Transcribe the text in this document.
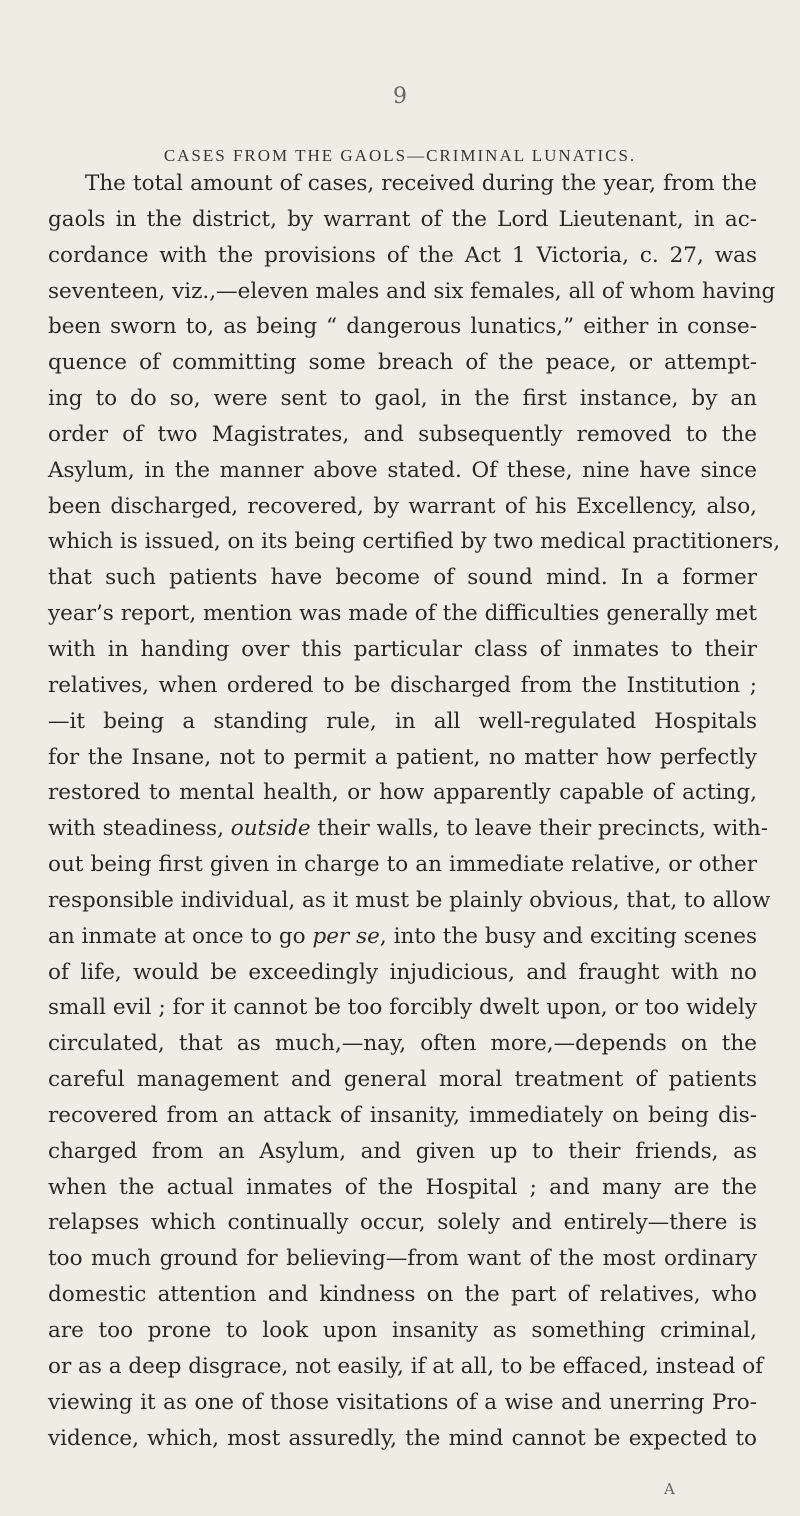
9
CASES FROM THE GAOLS—CRIMINAL LUNATICS.
The total amount of cases, received during the year, from the
gaols in the district, by warrant of the Lord Lieutenant, in ac-
cordance with the provisions of the Act 1 Victoria, c. 27, was
seventeen, viz.,—eleven males and six females, all of whom having
been sworn to, as being “ dangerous lunatics,” either in conse-
quence of committing some breach of the peace, or attempt-
ing to do so, were sent to gaol, in the first instance, by an
order of two Magistrates, and subsequently removed to the
Asylum, in the manner above stated. Of these, nine have since
been discharged, recovered, by warrant of his Excellency, also,
which is issued, on its being certified by two medical practitioners,
that such patients have become of sound mind. In a former
year’s report, mention was made of the difficulties generally met
with in handing over this particular class of inmates to their
relatives, when ordered to be discharged from the Institution ;
—it being a standing rule, in all well-regulated Hospitals
for the Insane, not to permit a patient, no matter how perfectly
restored to mental health, or how apparently capable of acting,
with steadiness, outside their walls, to leave their precincts, with-
out being first given in charge to an immediate relative, or other
responsible individual, as it must be plainly obvious, that, to allow
an inmate at once to go per se, into the busy and exciting scenes
of life, would be exceedingly injudicious, and fraught with no
small evil ; for it cannot be too forcibly dwelt upon, or too widely
circulated, that as much,—nay, often more,—depends on the
careful management and general moral treatment of patients
recovered from an attack of insanity, immediately on being dis-
charged from an Asylum, and given up to their friends, as
when the actual inmates of the Hospital ; and many are the
relapses which continually occur, solely and entirely—there is
too much ground for believing—from want of the most ordinary
domestic attention and kindness on the part of relatives, who
are too prone to look upon insanity as something criminal,
or as a deep disgrace, not easily, if at all, to be effaced, instead of
viewing it as one of those visitations of a wise and unerring Pro-
vidence, which, most assuredly, the mind cannot be expected to
A
